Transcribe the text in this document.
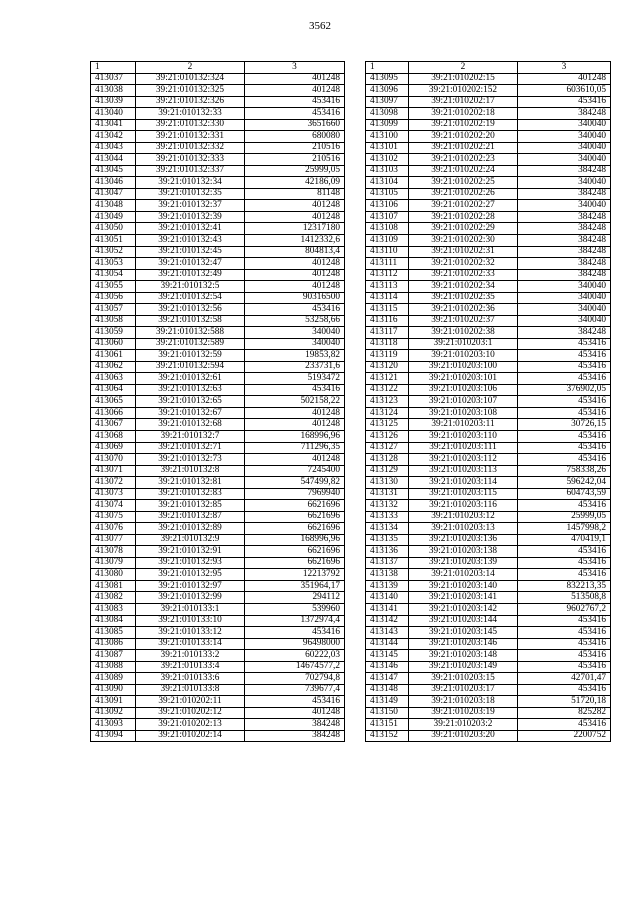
3562
1	2	3
413037	39:21:010132:324	401248
413038	39:21:010132:325	401248
413039	39:21:010132:326	453416
413040	39:21:010132:33	453416
413041	39:21:010132:330	3651660
413042	39:21:010132:331	680080
413043	39:21:010132:332	210516
413044	39:21:010132:333	210516
413045	39:21:010132:337	25999,05
413046	39:21:010132:34	42186,09
413047	39:21:010132:35	81148
413048	39:21:010132:37	401248
413049	39:21:010132:39	401248
413050	39:21:010132:41	12317180
413051	39:21:010132:43	1412332,6
413052	39:21:010132:45	804813,4
413053	39:21:010132:47	401248
413054	39:21:010132:49	401248
413055	39:21:010132:5	401248
413056	39:21:010132:54	90316500
413057	39:21:010132:56	453416
413058	39:21:010132:58	53258,66
413059	39:21:010132:588	340040
413060	39:21:010132:589	340040
413061	39:21:010132:59	19853,82
413062	39:21:010132:594	233731,6
413063	39:21:010132:61	5193472
413064	39:21:010132:63	453416
413065	39:21:010132:65	502158,22
413066	39:21:010132:67	401248
413067	39:21:010132:68	401248
413068	39:21:010132:7	168996,96
413069	39:21:010132:71	711296,35
413070	39:21:010132:73	401248
413071	39:21:010132:8	7245400
413072	39:21:010132:81	547499,82
413073	39:21:010132:83	7969940
413074	39:21:010132:85	6621696
413075	39:21:010132:87	6621696
413076	39:21:010132:89	6621696
413077	39:21:010132:9	168996,96
413078	39:21:010132:91	6621696
413079	39:21:010132:93	6621696
413080	39:21:010132:95	12213792
413081	39:21:010132:97	351964,17
413082	39:21:010132:99	294112
413083	39:21:010133:1	539960
413084	39:21:010133:10	1372974,4
413085	39:21:010133:12	453416
413086	39:21:010133:14	96498000
413087	39:21:010133:2	60222,03
413088	39:21:010133:4	14674577,2
413089	39:21:010133:6	702794,8
413090	39:21:010133:8	739677,4
413091	39:21:010202:11	453416
413092	39:21:010202:12	401248
413093	39:21:010202:13	384248
413094	39:21:010202:14	384248
1	2	3
413095	39:21:010202:15	401248
413096	39:21:010202:152	603610,05
413097	39:21:010202:17	453416
413098	39:21:010202:18	384248
413099	39:21:010202:19	340040
413100	39:21:010202:20	340040
413101	39:21:010202:21	340040
413102	39:21:010202:23	340040
413103	39:21:010202:24	384248
413104	39:21:010202:25	340040
413105	39:21:010202:26	384248
413106	39:21:010202:27	340040
413107	39:21:010202:28	384248
413108	39:21:010202:29	384248
413109	39:21:010202:30	384248
413110	39:21:010202:31	384248
413111	39:21:010202:32	384248
413112	39:21:010202:33	384248
413113	39:21:010202:34	340040
413114	39:21:010202:35	340040
413115	39:21:010202:36	340040
413116	39:21:010202:37	340040
413117	39:21:010202:38	384248
413118	39:21:010203:1	453416
413119	39:21:010203:10	453416
413120	39:21:010203:100	453416
413121	39:21:010203:101	453416
413122	39:21:010203:106	376902,05
413123	39:21:010203:107	453416
413124	39:21:010203:108	453416
413125	39:21:010203:11	30726,15
413126	39:21:010203:110	453416
413127	39:21:010203:111	453416
413128	39:21:010203:112	453416
413129	39:21:010203:113	758338,26
413130	39:21:010203:114	596242,04
413131	39:21:010203:115	604743,59
413132	39:21:010203:116	453416
413133	39:21:010203:12	25999,05
413134	39:21:010203:13	1457998,2
413135	39:21:010203:136	470419,1
413136	39:21:010203:138	453416
413137	39:21:010203:139	453416
413138	39:21:010203:14	453416
413139	39:21:010203:140	832213,35
413140	39:21:010203:141	513508,8
413141	39:21:010203:142	9602767,2
413142	39:21:010203:144	453416
413143	39:21:010203:145	453416
413144	39:21:010203:146	453416
413145	39:21:010203:148	453416
413146	39:21:010203:149	453416
413147	39:21:010203:15	42701,47
413148	39:21:010203:17	453416
413149	39:21:010203:18	51720,18
413150	39:21:010203:19	825282
413151	39:21:010203:2	453416
413152	39:21:010203:20	2200752
